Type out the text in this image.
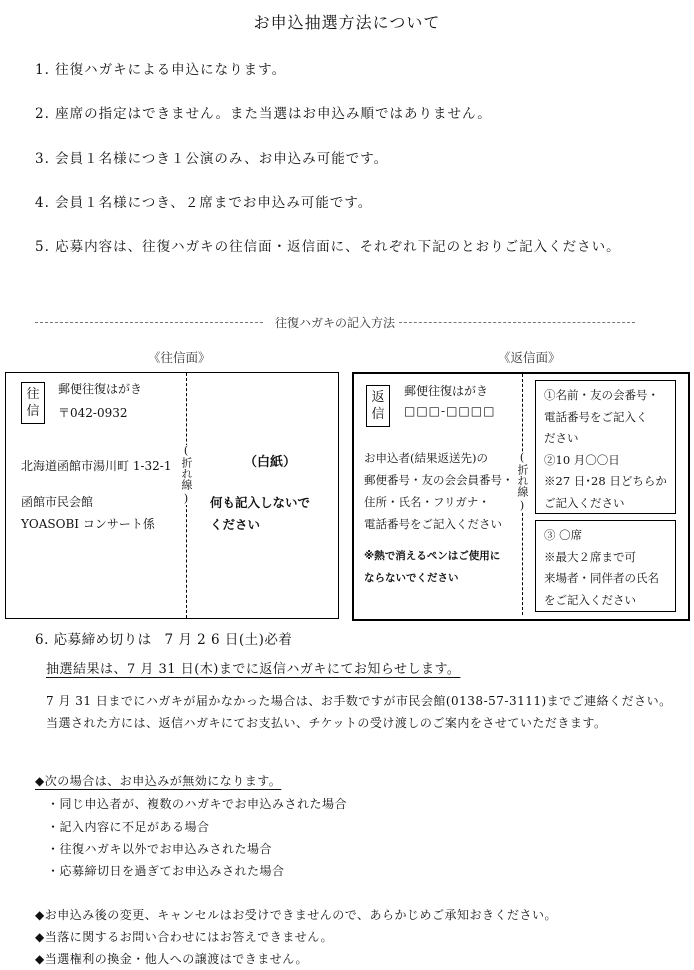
お申込抽選方法について
1. 往復ハガキによる申込になります。
2. 座席の指定はできません。また当選はお申込み順ではありません。
3. 会員１名様につき１公演のみ、お申込み可能です。
4. 会員１名様につき、２席までお申込み可能です。
5. 応募内容は、往復ハガキの往信面・返信面に、それぞれ下記のとおりご記入ください。
往復ハガキの記入方法
《往信面》	《返信面》
往信
郵便往復はがき
〒042-0932
北海道函館市湯川町 1-32-1
函館市民会館
YOASOBI コンサート係
(
折れ線
)
（白紙）
何も記入しないで
ください
返信
郵便往復はがき
□□□-□□□□
お申込者(結果返送先)の
郵便番号・友の会会員番号・
住所・氏名・フリガナ・
電話番号をご記入ください
※熱で消えるペンはご使用に
ならないでください
(
折れ線
)
①名前・友の会番号・
電話番号をご記入く
ださい
②10 月〇〇日
※27 日･28 日どちらか
ご記入ください
③ 〇席
※最大２席まで可
来場者・同伴者の氏名
をご記入ください
6. 応募締め切りは 7 月 2 6 日(土)必着
抽選結果は、7 月 31 日(木)までに返信ハガキにてお知らせします。
7 月 31 日までにハガキが届かなかった場合は、お手数ですが市民会館(0138-57-3111)までご連絡ください。
当選された方には、返信ハガキにてお支払い、チケットの受け渡しのご案内をさせていただきます。
◆次の場合は、お申込みが無効になります。
・同じ申込者が、複数のハガキでお申込みされた場合
・記入内容に不足がある場合
・往復ハガキ以外でお申込みされた場合
・応募締切日を過ぎてお申込みされた場合
◆お申込み後の変更、キャンセルはお受けできませんので、あらかじめご承知おきください。
◆当落に関するお問い合わせにはお答えできません。
◆当選権利の換金・他人への譲渡はできません。
